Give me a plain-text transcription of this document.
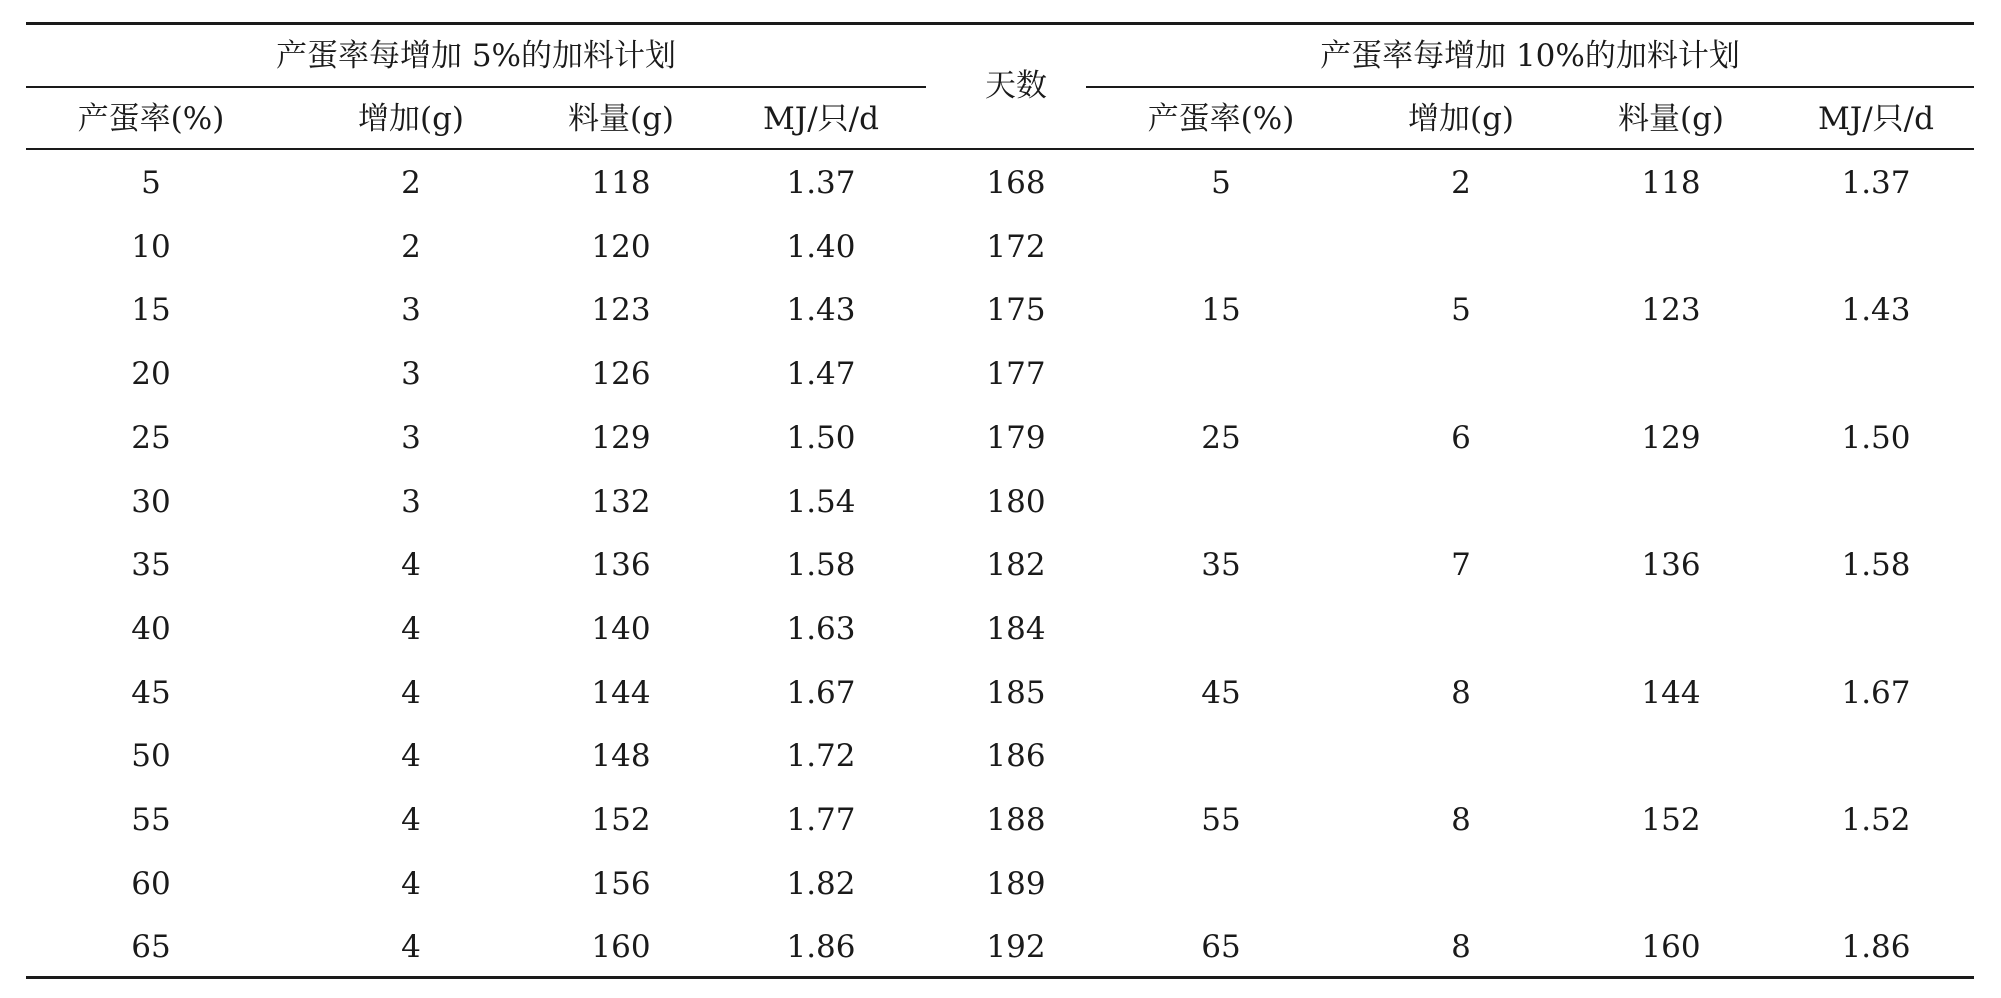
产蛋率每增加 5%的加料计划	产蛋率每增加 10%的加料计划
天数
产蛋率(%)	增加(g)	料量(g)	MJ/只/d	产蛋率(%)	增加(g)	料量(g)	MJ/只/d
5	2	118	1.37	168	5	2	118	1.37
10	2	120	1.40	172
15	3	123	1.43	175	15	5	123	1.43
20	3	126	1.47	177
25	3	129	1.50	179	25	6	129	1.50
30	3	132	1.54	180
35	4	136	1.58	182	35	7	136	1.58
40	4	140	1.63	184
45	4	144	1.67	185	45	8	144	1.67
50	4	148	1.72	186
55	4	152	1.77	188	55	8	152	1.52
60	4	156	1.82	189
65	4	160	1.86	192	65	8	160	1.86
